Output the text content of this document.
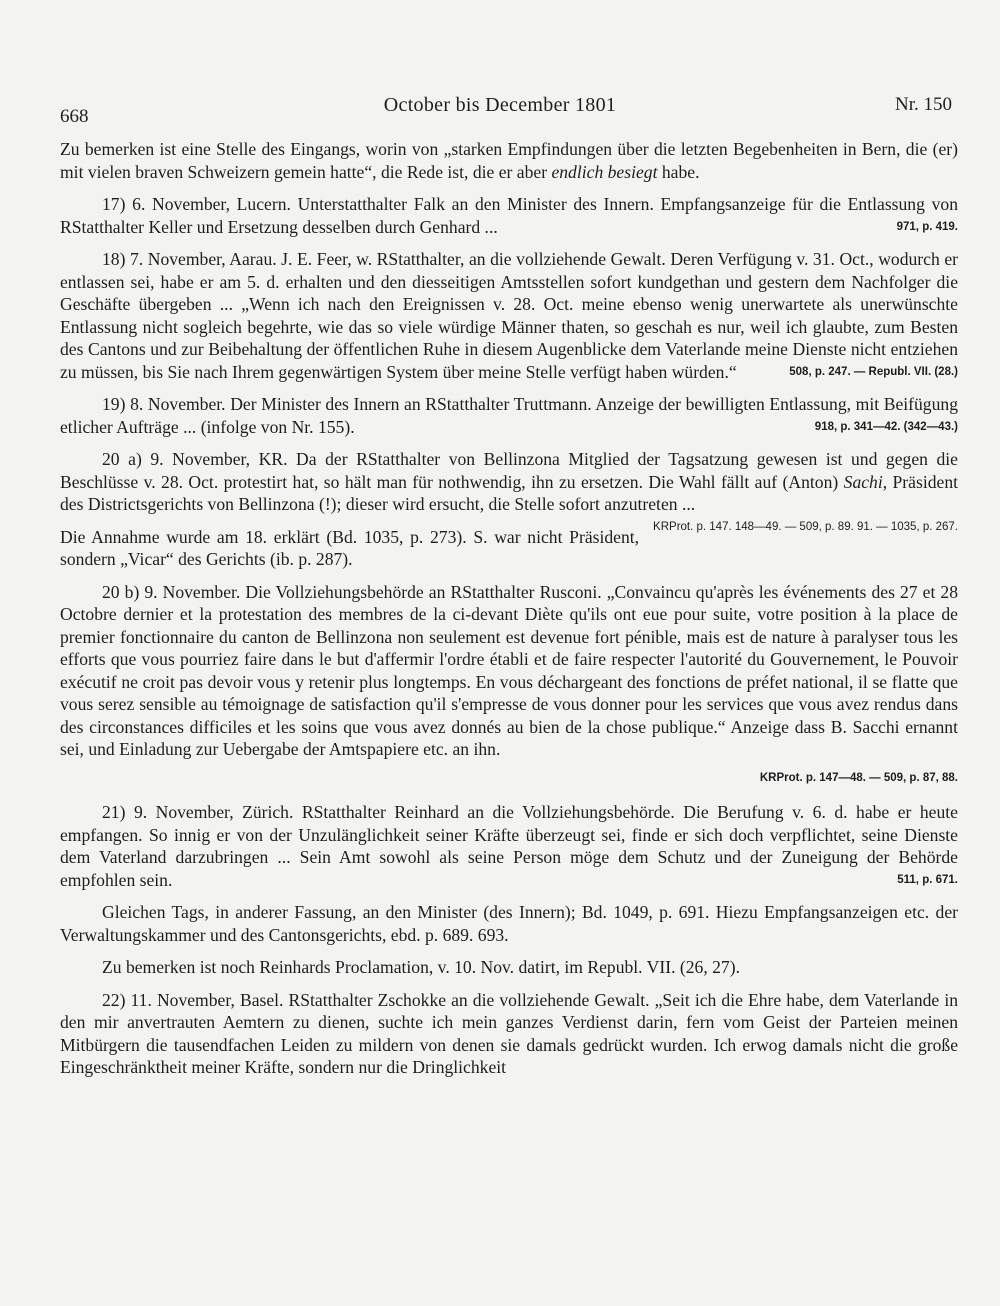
668
October bis December 1801	Nr. 150

Zu bemerken ist eine Stelle des Eingangs, worin von „starken Empfindungen über die letzten Begebenheiten in Bern, die (er) mit vielen braven Schweizern gemein hatte“, die Rede ist, die er aber endlich besiegt habe.

17) 6. November, Lucern. Unterstatthalter Falk an den Minister des Innern. Empfangsanzeige für die Entlassung von RStatthalter Keller und Ersetzung desselben durch Genhard ...	971, p. 419.

18) 7. November, Aarau. J. E. Feer, w. RStatthalter, an die vollziehende Gewalt. Deren Verfügung v. 31. Oct., wodurch er entlassen sei, habe er am 5. d. erhalten und den diesseitigen Amtsstellen sofort kundgethan und gestern dem Nachfolger die Geschäfte übergeben ... „Wenn ich nach den Ereignissen v. 28. Oct. meine ebenso wenig unerwartete als unerwünschte Entlassung nicht sogleich begehrte, wie das so viele würdige Männer thaten, so geschah es nur, weil ich glaubte, zum Besten des Cantons und zur Beibehaltung der öffentlichen Ruhe in diesem Augenblicke dem Vaterlande meine Dienste nicht entziehen zu müssen, bis Sie nach Ihrem gegenwärtigen System über meine Stelle verfügt haben würden.“	508, p. 247. — Republ. VII. (28.)

19) 8. November. Der Minister des Innern an RStatthalter Truttmann. Anzeige der bewilligten Entlassung, mit Beifügung etlicher Aufträge ... (infolge von Nr. 155).	918, p. 341—42. (342—43.)

20 a) 9. November, KR. Da der RStatthalter von Bellinzona Mitglied der Tagsatzung gewesen ist und gegen die Beschlüsse v. 28. Oct. protestirt hat, so hält man für nothwendig, ihn zu ersetzen. Die Wahl fällt auf (Anton) Sachi, Präsident des Districtsgerichts von Bellinzona (!); dieser wird ersucht, die Stelle sofort anzutreten ...
KRProt. p. 147. 148—49. — 509, p. 89. 91. — 1035, p. 267.

Die Annahme wurde am 18. erklärt (Bd. 1035, p. 273). S. war nicht Präsident, sondern „Vicar“ des Gerichts (ib. p. 287).

20 b) 9. November. Die Vollziehungsbehörde an RStatthalter Rusconi. „Convaincu qu'après les événements des 27 et 28 Octobre dernier et la protestation des membres de la ci-devant Diète qu'ils ont eue pour suite, votre position à la place de premier fonctionnaire du canton de Bellinzona non seulement est devenue fort pénible, mais est de nature à paralyser tous les efforts que vous pourriez faire dans le but d'affermir l'ordre établi et de faire respecter l'autorité du Gouvernement, le Pouvoir exécutif ne croit pas devoir vous y retenir plus longtemps. En vous déchargeant des fonctions de préfet national, il se flatte que vous serez sensible au témoignage de satisfaction qu'il s'empresse de vous donner pour les services que vous avez rendus dans des circonstances difficiles et les soins que vous avez donnés au bien de la chose publique.“ Anzeige dass B. Sacchi ernannt sei, und Einladung zur Uebergabe der Amtspapiere etc. an ihn.

KRProt. p. 147—48. — 509, p. 87, 88.

21) 9. November, Zürich. RStatthalter Reinhard an die Vollziehungsbehörde. Die Berufung v. 6. d. habe er heute empfangen. So innig er von der Unzulänglichkeit seiner Kräfte überzeugt sei, finde er sich doch verpflichtet, seine Dienste dem Vaterland darzubringen ... Sein Amt sowohl als seine Person möge dem Schutz und der Zuneigung der Behörde empfohlen sein.	511, p. 671.

Gleichen Tags, in anderer Fassung, an den Minister (des Innern); Bd. 1049, p. 691. Hiezu Empfangsanzeigen etc. der Verwaltungskammer und des Cantonsgerichts, ebd. p. 689. 693.

Zu bemerken ist noch Reinhards Proclamation, v. 10. Nov. datirt, im Republ. VII. (26, 27).

22) 11. November, Basel. RStatthalter Zschokke an die vollziehende Gewalt. „Seit ich die Ehre habe, dem Vaterlande in den mir anvertrauten Aemtern zu dienen, suchte ich mein ganzes Verdienst darin, fern vom Geist der Parteien meinen Mitbürgern die tausendfachen Leiden zu mildern von denen sie damals gedrückt wurden. Ich erwog damals nicht die große Eingeschränktheit meiner Kräfte, sondern nur die Dringlichkeit
